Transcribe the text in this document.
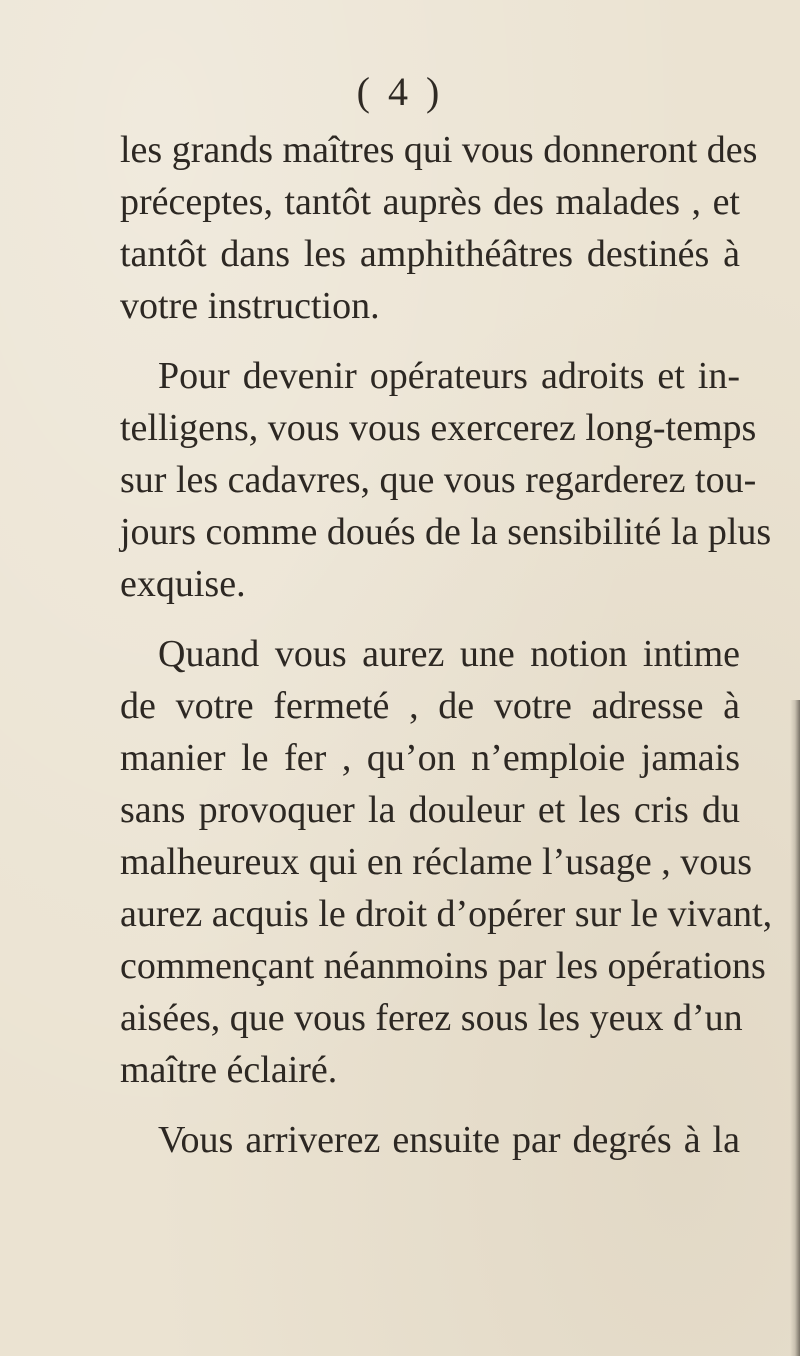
( 4 )
les grands maîtres qui vous donneront des
préceptes, tantôt auprès des malades , et
tantôt dans les amphithéâtres destinés à
votre instruction.
Pour devenir opérateurs adroits et in-
telligens, vous vous exercerez long-temps
sur les cadavres, que vous regarderez tou-
jours comme doués de la sensibilité la plus
exquise.
Quand vous aurez une notion intime
de votre fermeté , de votre adresse à
manier le fer , qu’on n’emploie jamais
sans provoquer la douleur et les cris du
malheureux qui en réclame l’usage , vous
aurez acquis le droit d’opérer sur le vivant,
commençant néanmoins par les opérations
aisées, que vous ferez sous les yeux d’un
maître éclairé.
Vous arriverez ensuite par degrés à la
